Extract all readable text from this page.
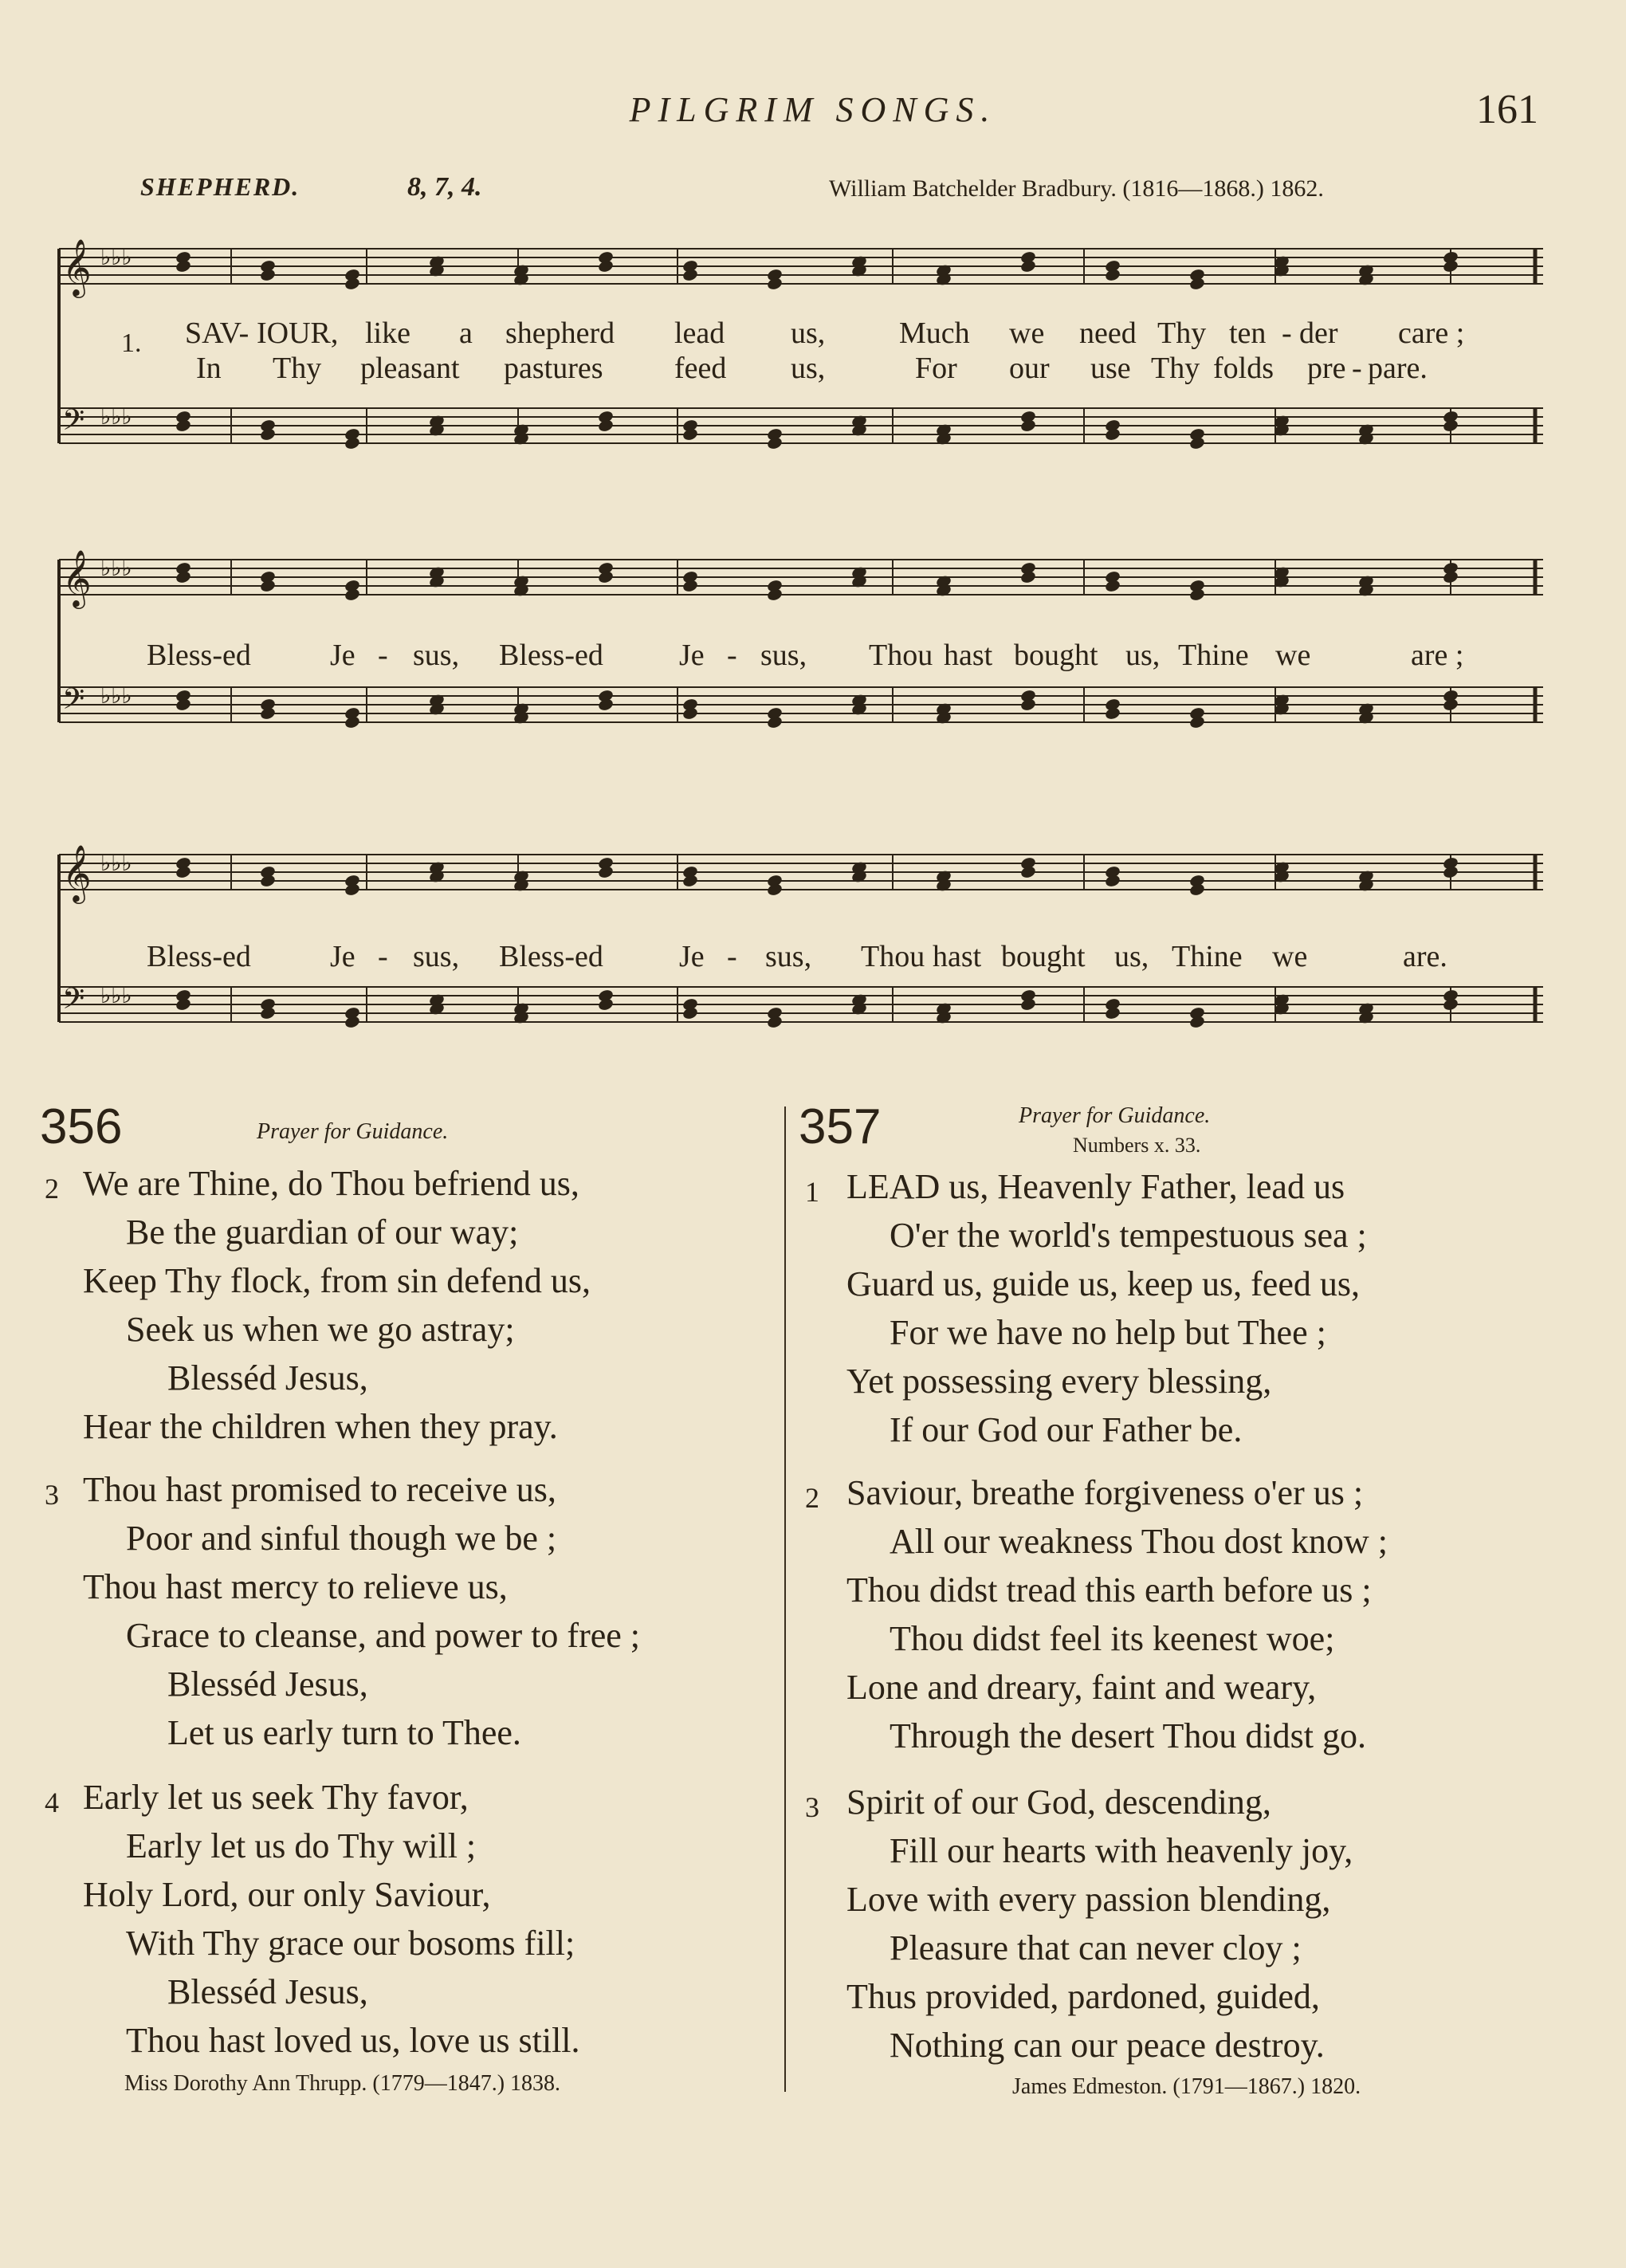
PILGRIM SONGS.	161
SHEPHERD.	8, 7, 4.	William Batchelder Bradbury. (1816—1868.) 1862.
𝄞 ♭♭♭
𝄢 ♭♭♭
1. SAV- IOUR, like a shepherd lead us, Much we need Thy ten - der care ;
In Thy pleasant pastures feed us,	For our use Thy folds pre - pare.
𝄞 ♭♭♭
𝄢 ♭♭♭
Bless-ed	Je - sus, Bless-ed	Je - sus, Thou hast bought us, Thine we	are ;
𝄞 ♭♭♭
𝄢 ♭♭♭
Bless-ed	Je - sus, Bless-ed	Je - sus, Thou hast bought us, Thine we	are.
356	Prayer for Guidance.
2 We are Thine, do Thou befriend us,
Be the guardian of our way;
Keep Thy flock, from sin defend us,
Seek us when we go astray;
Blesséd Jesus,
Hear the children when they pray.
3 Thou hast promised to receive us,
Poor and sinful though we be ;
Thou hast mercy to relieve us,
Grace to cleanse, and power to free ;
Blesséd Jesus,
Let us early turn to Thee.
4 Early let us seek Thy favor,
Early let us do Thy will ;
Holy Lord, our only Saviour,
With Thy grace our bosoms fill;
Blesséd Jesus,
Thou hast loved us, love us still.
Miss Dorothy Ann Thrupp. (1779—1847.) 1838.
357	Prayer for Guidance.
Numbers x. 33.
1 LEAD us, Heavenly Father, lead us
O'er the world's tempestuous sea ;
Guard us, guide us, keep us, feed us,
For we have no help but Thee ;
Yet possessing every blessing,
If our God our Father be.
2 Saviour, breathe forgiveness o'er us ;
All our weakness Thou dost know ;
Thou didst tread this earth before us ;
Thou didst feel its keenest woe;
Lone and dreary, faint and weary,
Through the desert Thou didst go.
3 Spirit of our God, descending,
Fill our hearts with heavenly joy,
Love with every passion blending,
Pleasure that can never cloy ;
Thus provided, pardoned, guided,
Nothing can our peace destroy.
James Edmeston. (1791—1867.) 1820.
